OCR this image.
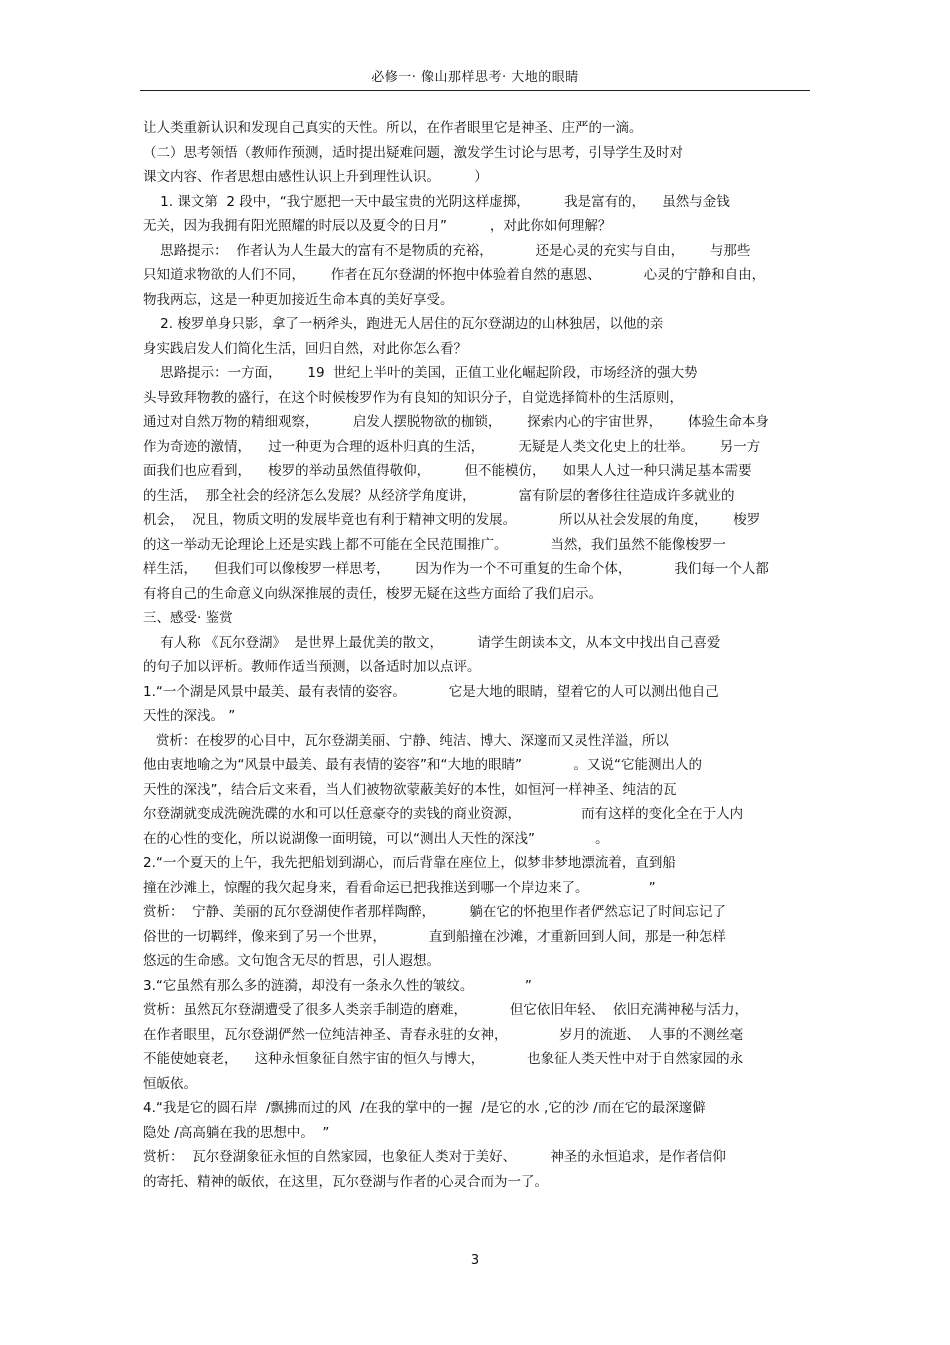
必修一· 像山那样思考· 大地的眼睛
让人类重新认识和发现自己真实的天性。所以，在作者眼里它是神圣、庄严的一滴。
（二）思考领悟（教师作预测，适时提出疑难问题，激发学生讨论与思考，引导学生及时对
课文内容、作者思想由感性认识上升到理性认识。        ）
1. 课文第  2 段中，“我宁愿把一天中最宝贵的光阴这样虚掷，        我是富有的，    虽然与金钱
无关，因为我拥有阳光照耀的时辰以及夏令的日月”          ，对此你如何理解？
思路提示：  作者认为人生最大的富有不是物质的充裕，          还是心灵的充实与自由，      与那些
只知道求物欲的人们不同，      作者在瓦尔登湖的怀抱中体验着自然的惠恩、          心灵的宁静和自由，
物我两忘，这是一种更加接近生命本真的美好享受。
2. 梭罗单身只影，拿了一柄斧头，跑进无人居住的瓦尔登湖边的山林独居，以他的亲
身实践启发人们简化生活，回归自然，对此你怎么看？
思路提示：一方面，      19  世纪上半叶的美国，正值工业化崛起阶段，市场经济的强大势
头导致拜物教的盛行，在这个时候梭罗作为有良知的知识分子，自觉选择简朴的生活原则，
通过对自然万物的精细观察，        启发人摆脱物欲的枷锁，      探索内心的宇宙世界，      体验生命本身
作为奇迹的激情，    过一种更为合理的返朴归真的生活，        无疑是人类文化史上的壮举。      另一方
面我们也应看到，    梭罗的举动虽然值得敬仰，        但不能模仿，    如果人人过一种只满足基本需要
的生活，  那全社会的经济怎么发展？从经济学角度讲，          富有阶层的奢侈往往造成许多就业的
机会，  况且，物质文明的发展毕竟也有利于精神文明的发展。          所以从社会发展的角度，      梭罗
的这一举动无论理论上还是实践上都不可能在全民范围推广。          当然，我们虽然不能像梭罗一
样生活，    但我们可以像梭罗一样思考，      因为作为一个不可重复的生命个体，          我们每一个人都
有将自己的生命意义向纵深推展的责任，梭罗无疑在这些方面给了我们启示。
三、感受· 鉴赏
有人称 《瓦尔登湖》  是世界上最优美的散文，        请学生朗读本文，从本文中找出自己喜爱
的句子加以评析。教师作适当预测，以备适时加以点评。
1.“一个湖是风景中最美、最有表情的姿容。          它是大地的眼睛，望着它的人可以测出他自己
天性的深浅。 ”
赏析：在梭罗的心目中，瓦尔登湖美丽、宁静、纯洁、博大、深邃而又灵性洋溢，所以
他由衷地喻之为“风景中最美、最有表情的姿容”和“大地的眼睛”            。又说“它能测出人的
天性的深浅”，结合后文来看，当人们被物欲蒙蔽美好的本性，如恒河一样神圣、纯洁的瓦
尔登湖就变成洗碗洗碟的水和可以任意豪夺的卖钱的商业资源，              而有这样的变化全在于人内
在的心性的变化，所以说湖像一面明镜，可以“测出人天性的深浅”              。
2.“一个夏天的上午，我先把船划到湖心，而后背靠在座位上，似梦非梦地漂流着，直到船
撞在沙滩上，惊醒的我欠起身来，看看命运已把我推送到哪一个岸边来了。              ”
赏析：  宁静、美丽的瓦尔登湖使作者那样陶醉，        躺在它的怀抱里作者俨然忘记了时间忘记了
俗世的一切羁绊，像来到了另一个世界，          直到船撞在沙滩，才重新回到人间，那是一种怎样
悠远的生命感。文句饱含无尽的哲思，引人遐想。
3.“它虽然有那么多的涟漪，却没有一条永久性的皱纹。            ”
赏析：虽然瓦尔登湖遭受了很多人类亲手制造的磨难，          但它依旧年轻、  依旧充满神秘与活力，
在作者眼里，瓦尔登湖俨然一位纯洁神圣、青春永驻的女神，            岁月的流逝、  人事的不测丝毫
不能使她衰老，    这种永恒象征自然宇宙的恒久与博大，          也象征人类天性中对于自然家园的永
恒皈依。
4.“我是它的圆石岸  /飘拂而过的风  /在我的掌中的一握  /是它的水 ,它的沙 /而在它的最深邃僻
隐处 /高高躺在我的思想中。  ”
赏析：  瓦尔登湖象征永恒的自然家园，也象征人类对于美好、        神圣的永恒追求，是作者信仰
的寄托、精神的皈依，在这里，瓦尔登湖与作者的心灵合而为一了。
3
